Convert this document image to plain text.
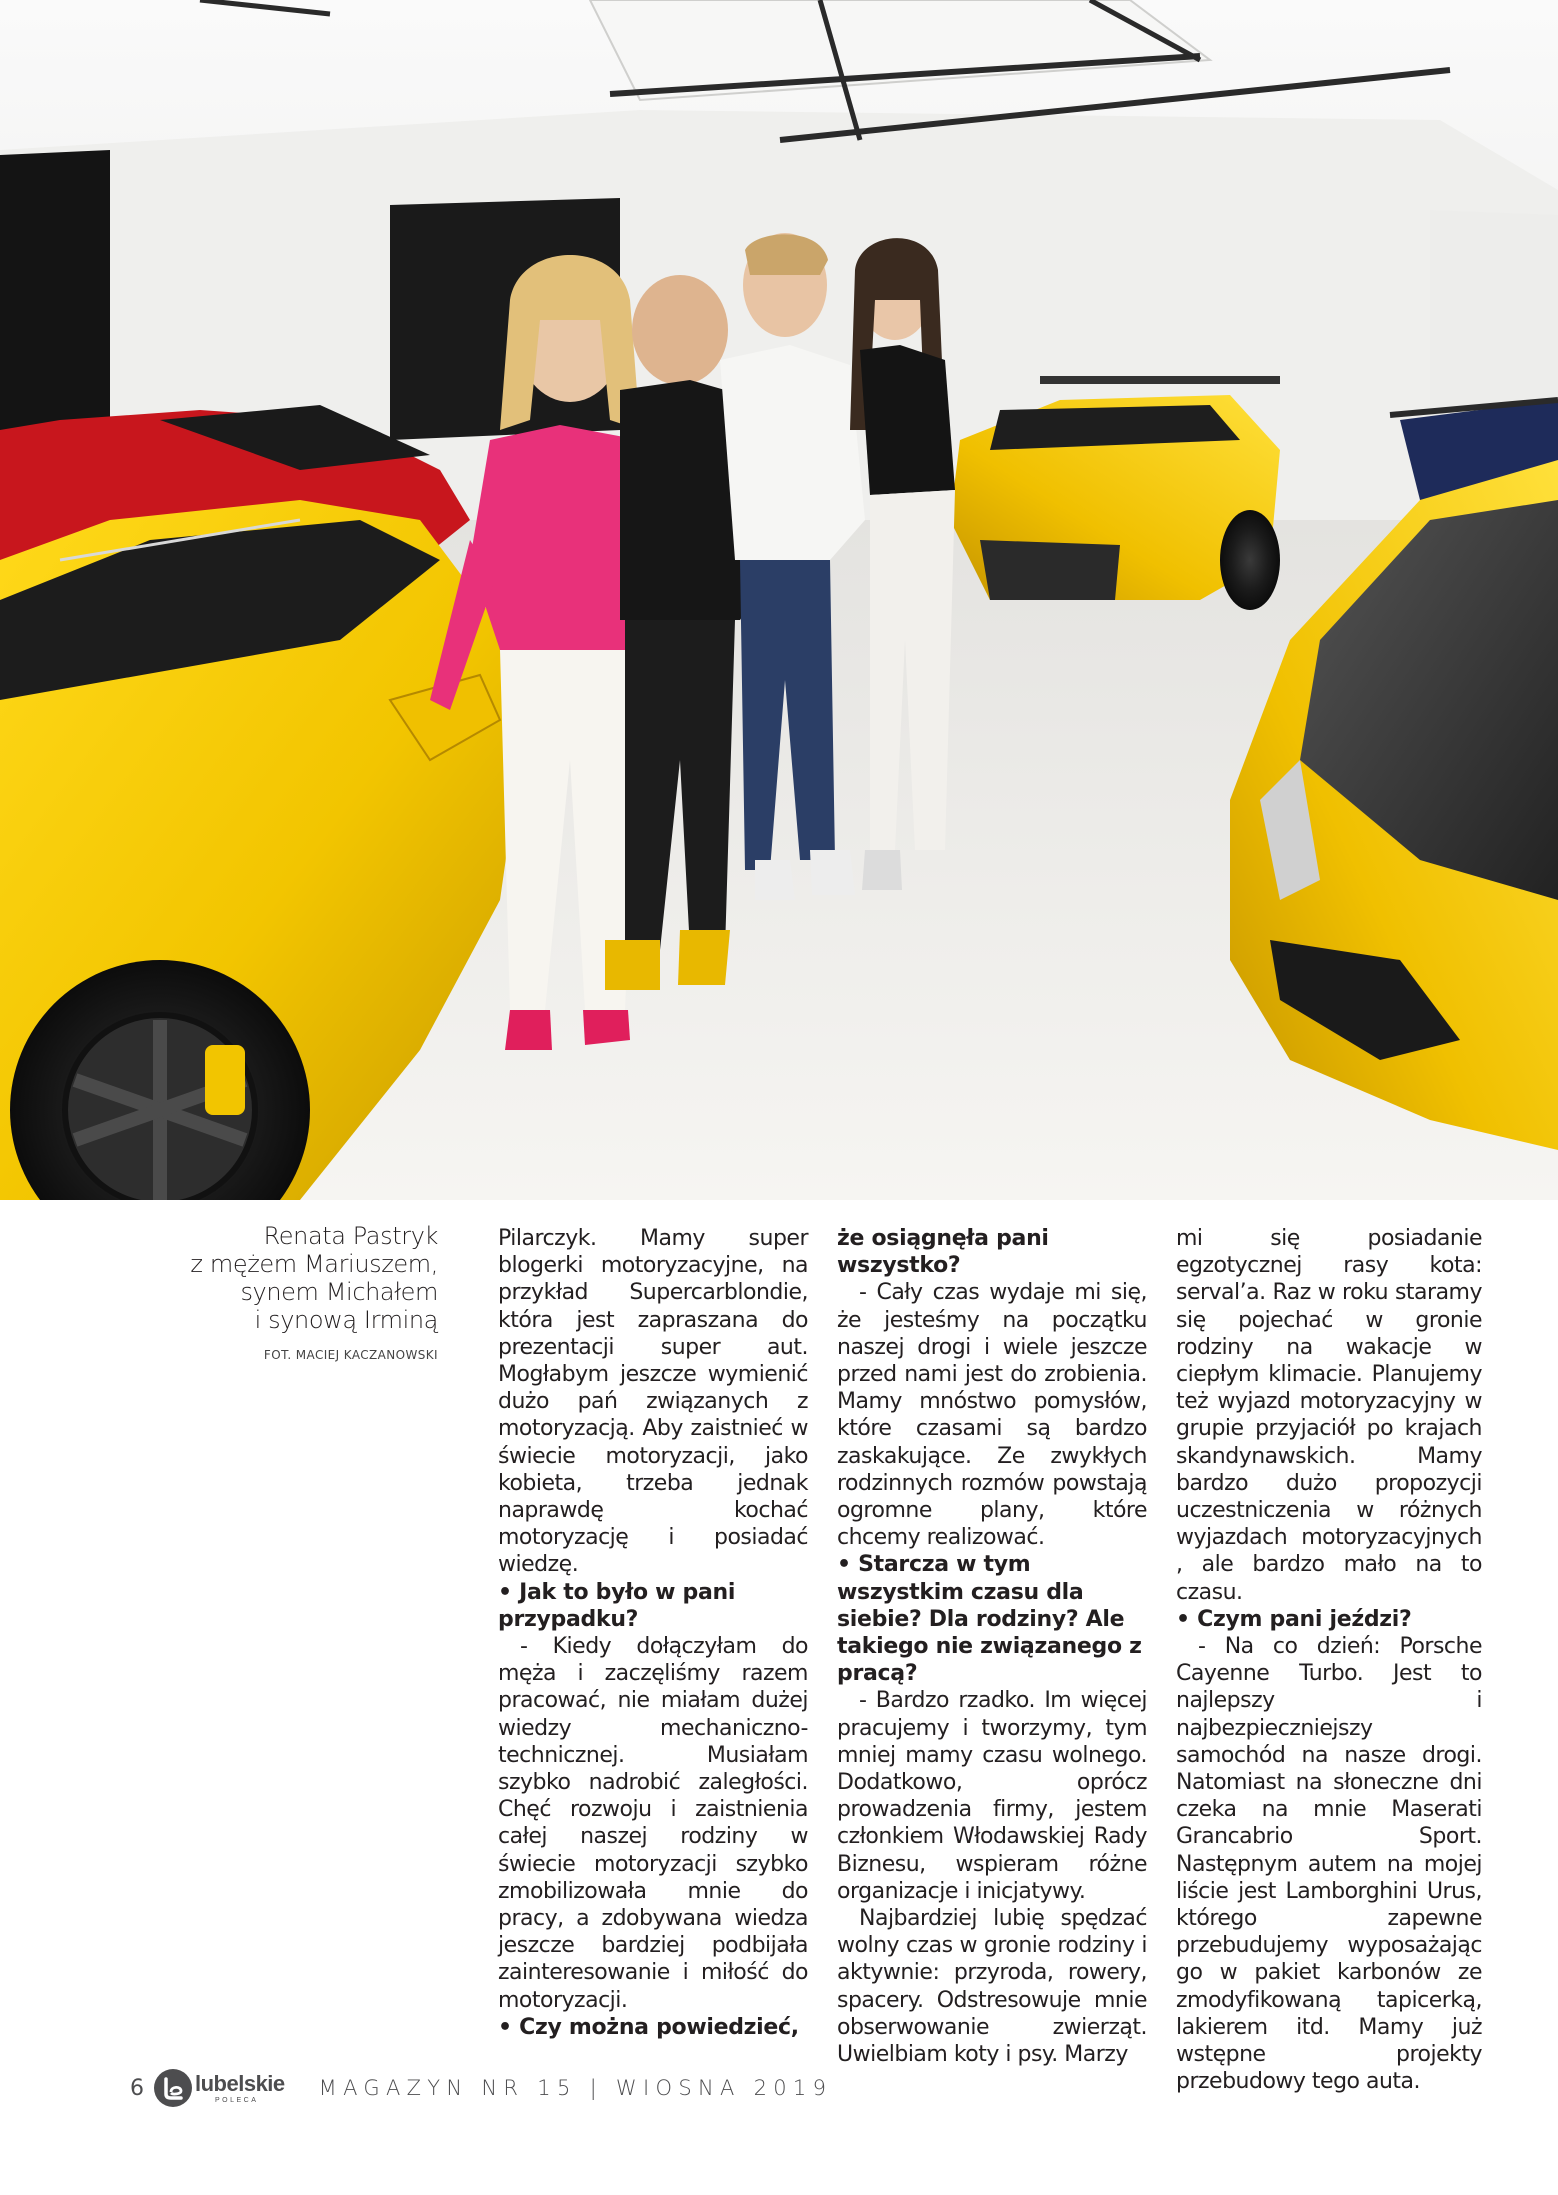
Renata Pastryk
z mężem Mariuszem,
synem Michałem
i synową Irminą
FOT. MACIEJ KACZANOWSKI

Pilarczyk. Mamy super blogerki motoryzacyjne, na przykład Supercarblondie, która jest zapraszana do prezentacji super aut. Mogłabym jeszcze wymienić dużo pań związanych z motoryzacją. Aby zaistnieć w świecie motoryzacji, jako kobieta, trzeba jednak naprawdę kochać motoryzację i posiadać wiedzę.

• Jak to było w pani przypadku?

- Kiedy dołączyłam do męża i zaczęliśmy razem pracować, nie miałam dużej wiedzy mechaniczno-technicznej. Musiałam szybko nadrobić zaległości. Chęć rozwoju i zaistnienia całej naszej rodziny w świecie motoryzacji szybko zmobilizowała mnie do pracy, a zdobywana wiedza jeszcze bardziej podbijała zainteresowanie i miłość do motoryzacji.

• Czy można powiedzieć,

że osiągnęła pani wszystko?

- Cały czas wydaje mi się, że jesteśmy na początku naszej drogi i wiele jeszcze przed nami jest do zrobienia. Mamy mnóstwo pomysłów, które czasami są bardzo zaskakujące. Ze zwykłych rodzinnych rozmów powstają ogromne plany, które chcemy realizować.

• Starcza w tym wszystkim czasu dla siebie? Dla rodziny? Ale takiego nie związanego z pracą?

- Bardzo rzadko. Im więcej pracujemy i tworzymy, tym mniej mamy czasu wolnego. Dodatkowo, oprócz prowadzenia firmy, jestem członkiem Włodawskiej Rady Biznesu, wspieram różne organizacje i inicjatywy.

Najbardziej lubię spędzać wolny czas w gronie rodziny i aktywnie: przyroda, rowery, spacery. Odstresowuje mnie obserwowanie zwierząt. Uwielbiam koty i psy. Marzy

mi się posiadanie egzotycznej rasy kota: serval’a. Raz w roku staramy się pojechać w gronie rodziny na wakacje w ciepłym klimacie. Planujemy też wyjazd motoryzacyjny w grupie przyjaciół po krajach skandynawskich. Mamy bardzo dużo propozycji uczestniczenia w różnych wyjazdach motoryzacyjnych , ale bardzo mało na to czasu.

• Czym pani jeździ?

- Na co dzień: Porsche Cayenne Turbo. Jest to najlepszy i najbezpieczniejszy samochód na nasze drogi. Natomiast na słoneczne dni czeka na mnie Maserati Grancabrio Sport. Następnym autem na mojej liście jest Lamborghini Urus, którego zapewne przebudujemy wyposażając go w pakiet karbonów ze zmodyfikowaną tapicerką, lakierem itd. Mamy już wstępne projekty przebudowy tego auta.

6 lubelskie
POLECA	MAGAZYN NR 15 | WIOSNA 2019
